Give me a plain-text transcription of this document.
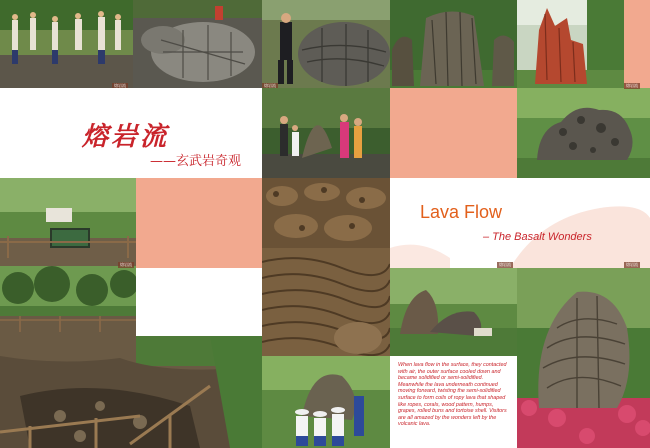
熔岩流	熔岩流
熔岩流
——玄武岩奇观
Lava Flow
– The Basalt Wonders
熔岩流
熔岩流在地表流动时，表面与空气接触，冷却固结成半固结状态，而其下的岩浆继续流动，形成千姿百态的熔岩流构造，有的呈绳状、有的呈蛇状、有的似珊瑚、有的似木纹、似驼峰、似葡萄，似面包，令人叹为观止。
When lava flow in the surface, they contacted with air, the outer surface cooled down and became solidified or semi-solidified. Meanwhile the lava underneath continued moving forward, twisting the semi-solidified surface to form coils of ropy lava that shaped like ropes, corals, wood pattern, humps, grapes, rolled buns and tortoise shell. Visitors are all amazed by the wonders left by the volcanic lava.
熔岩流
熔岩流	熔岩流
